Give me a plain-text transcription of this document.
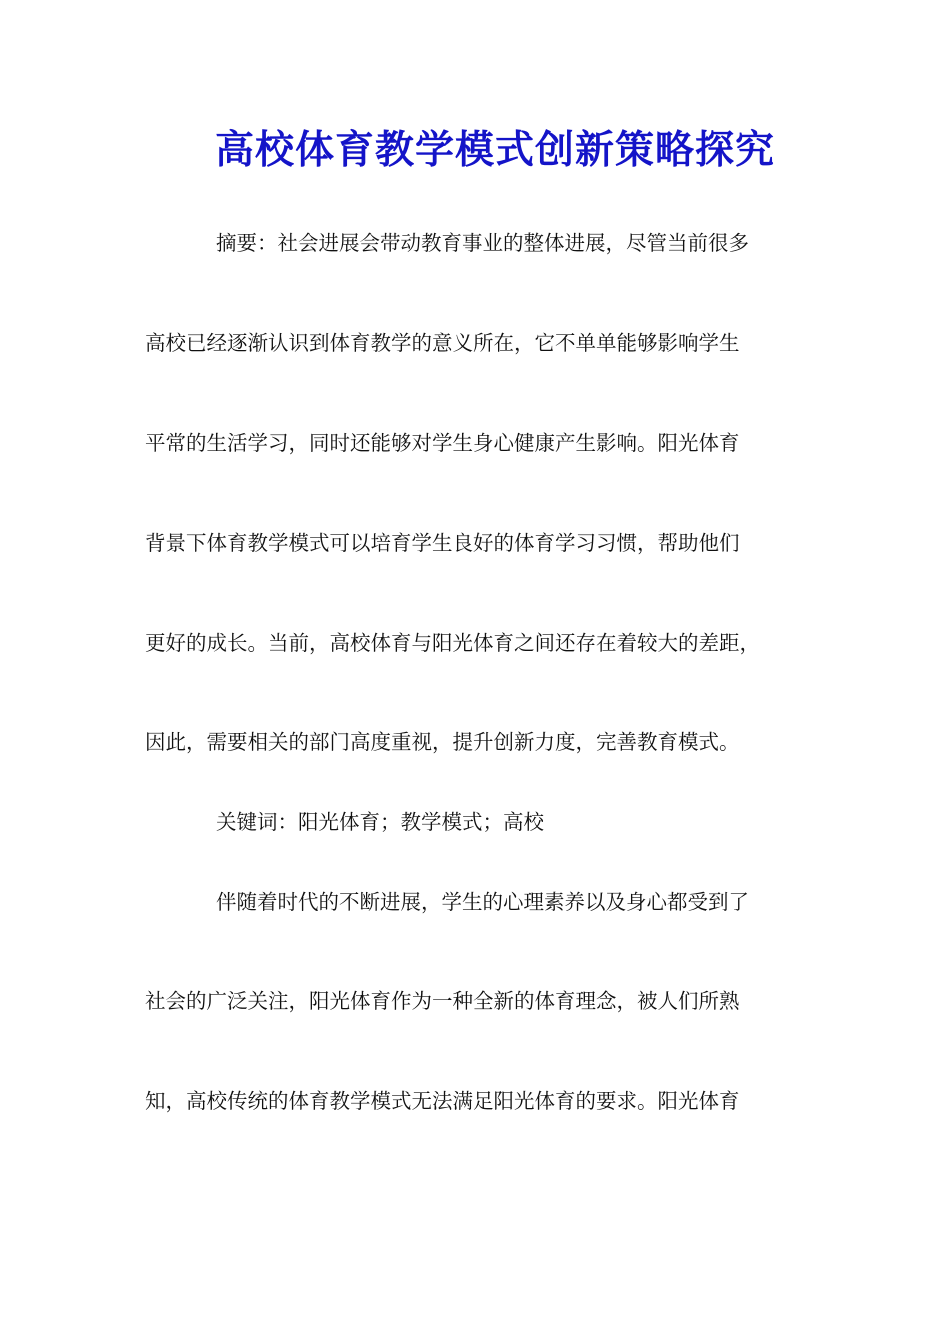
高校体育教学模式创新策略探究
摘要：社会进展会带动教育事业的整体进展，尽管当前很多
高校已经逐渐认识到体育教学的意义所在，它不单单能够影响学生
平常的生活学习，同时还能够对学生身心健康产生影响。阳光体育
背景下体育教学模式可以培育学生良好的体育学习习惯，帮助他们
更好的成长。当前，高校体育与阳光体育之间还存在着较大的差距，
因此，需要相关的部门高度重视，提升创新力度，完善教育模式。
关键词：阳光体育；教学模式；高校
伴随着时代的不断进展，学生的心理素养以及身心都受到了
社会的广泛关注，阳光体育作为一种全新的体育理念，被人们所熟
知，高校传统的体育教学模式无法满足阳光体育的要求。阳光体育
